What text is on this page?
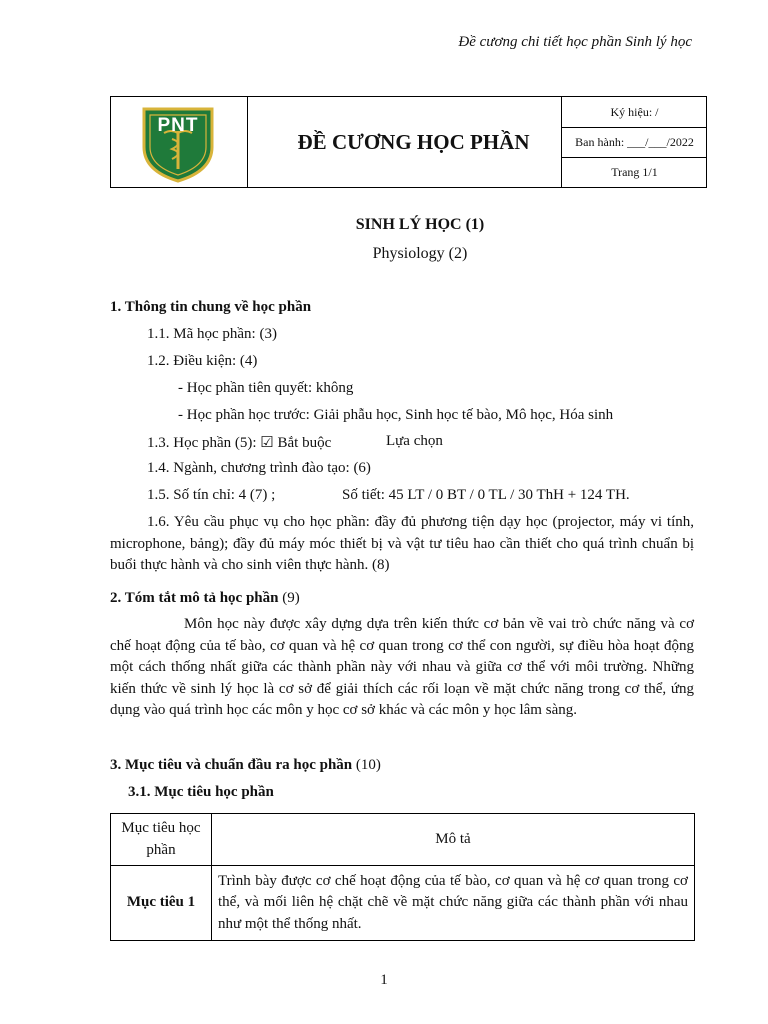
Đề cương chi tiết học phần Sinh lý học
PNT
ĐỀ CƯƠNG HỌC PHẦN
Ký hiệu: /
Ban hành: ___/___/2022
Trang 1/1
SINH LÝ HỌC (1)
Physiology (2)
1. Thông tin chung về học phần
1.1. Mã học phần: (3)
1.2. Điều kiện: (4)
- Học phần tiên quyết: không
- Học phần học trước: Giải phẫu học, Sinh học tế bào, Mô học, Hóa sinh
1.3. Học phần (5): ☑ Bắt buộc	Lựa chọn
1.4. Ngành, chương trình đào tạo: (6)
1.5. Số tín chỉ: 4 (7) ;	Số tiết: 45 LT / 0 BT / 0 TL / 30 ThH + 124 TH.
1.6. Yêu cầu phục vụ cho học phần: đầy đủ phương tiện dạy học (projector, máy vi tính, microphone, bảng); đầy đủ máy móc thiết bị và vật tư tiêu hao cần thiết cho quá trình chuẩn bị buổi thực hành và cho sinh viên thực hành. (8)
2. Tóm tắt mô tả học phần (9)
Môn học này được xây dựng dựa trên kiến thức cơ bản về vai trò chức năng và cơ chế hoạt động của tế bào, cơ quan và hệ cơ quan trong cơ thể con người, sự điều hòa hoạt động một cách thống nhất giữa các thành phần này với nhau và giữa cơ thể với môi trường. Những kiến thức về sinh lý học là cơ sở để giải thích các rối loạn về mặt chức năng trong cơ thể, ứng dụng vào quá trình học các môn y học cơ sở khác và các môn y học lâm sàng.
3. Mục tiêu và chuẩn đầu ra học phần (10)
3.1. Mục tiêu học phần
Mục tiêu học phần	Mô tả
Mục tiêu 1	Trình bày được cơ chế hoạt động của tế bào, cơ quan và hệ cơ quan trong cơ thể, và mối liên hệ chặt chẽ về mặt chức năng giữa các thành phần với nhau như một thể thống nhất.
1
